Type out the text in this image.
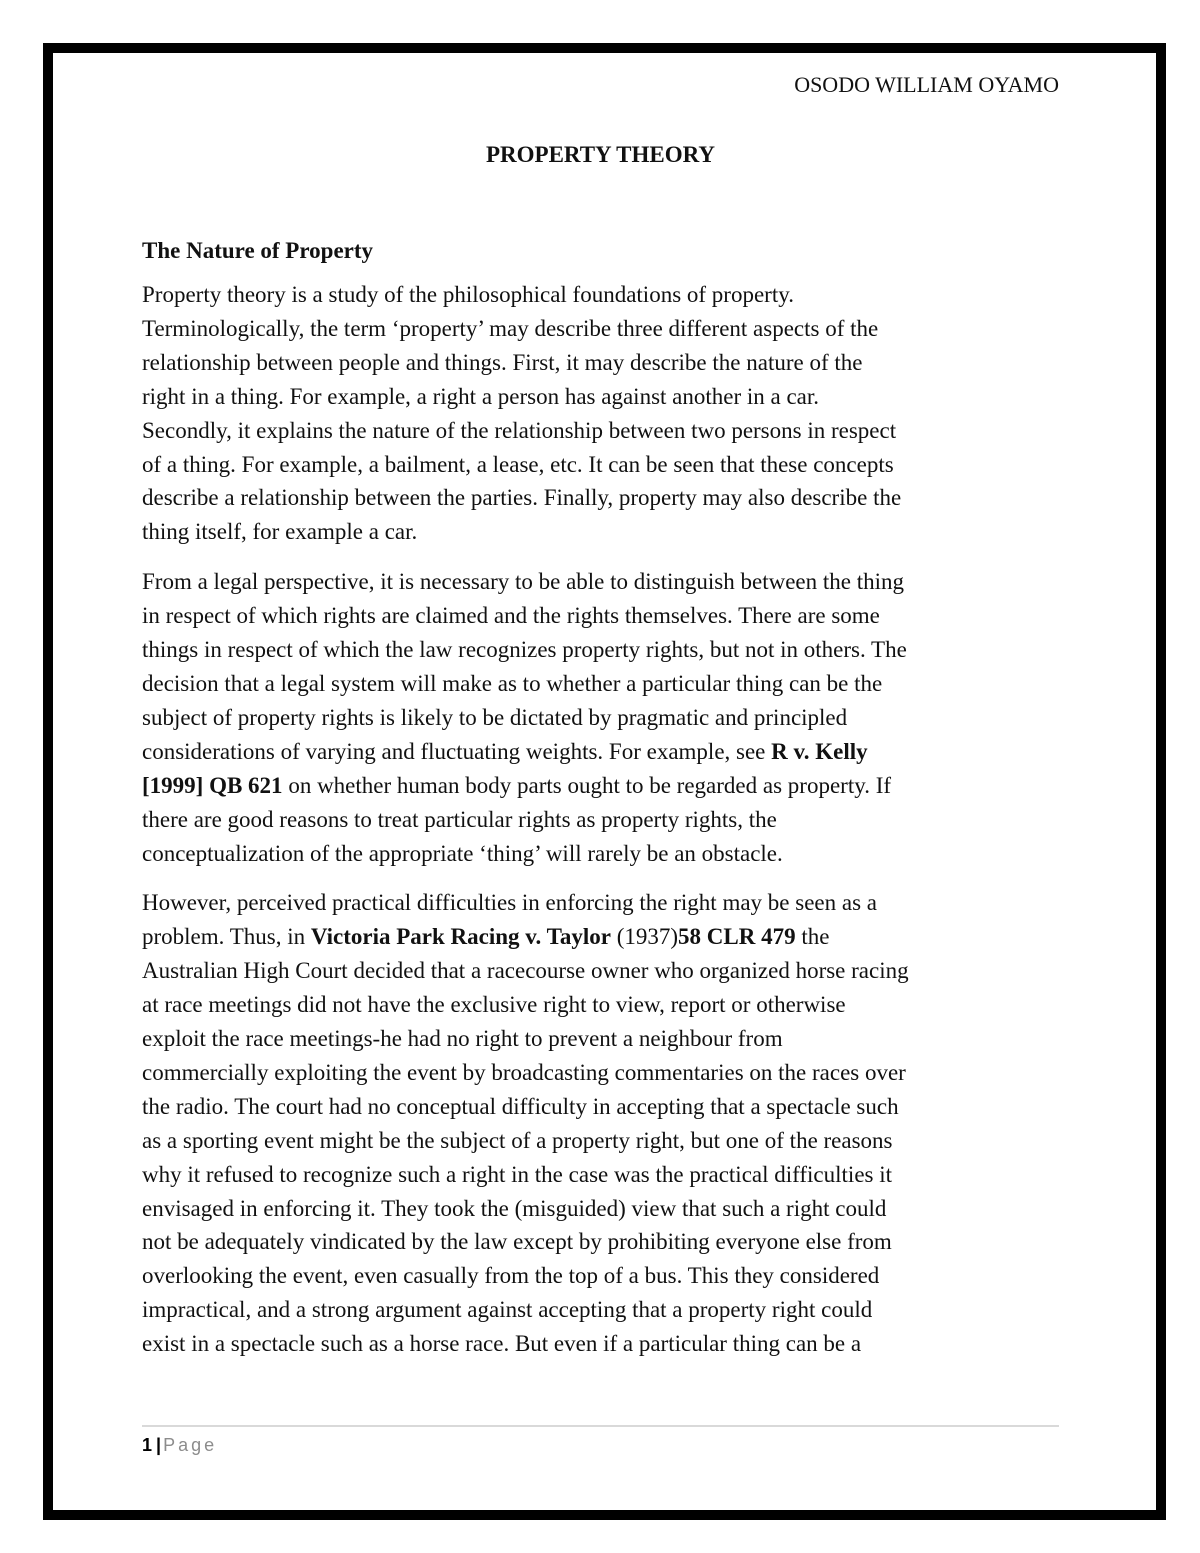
OSODO WILLIAM OYAMO

PROPERTY THEORY
The Nature of Property

Property theory is a study of the philosophical foundations of property.
Terminologically, the term ‘property’ may describe three different aspects of the
relationship between people and things. First, it may describe the nature of the
right in a thing. For example, a right a person has against another in a car.
Secondly, it explains the nature of the relationship between two persons in respect
of a thing. For example, a bailment, a lease, etc. It can be seen that these concepts
describe a relationship between the parties. Finally, property may also describe the
thing itself, for example a car.

From a legal perspective, it is necessary to be able to distinguish between the thing
in respect of which rights are claimed and the rights themselves. There are some
things in respect of which the law recognizes property rights, but not in others. The
decision that a legal system will make as to whether a particular thing can be the
subject of property rights is likely to be dictated by pragmatic and principled
considerations of varying and fluctuating weights. For example, see R v. Kelly
[1999] QB 621 on whether human body parts ought to be regarded as property. If
there are good reasons to treat particular rights as property rights, the
conceptualization of the appropriate ‘thing’ will rarely be an obstacle.

However, perceived practical difficulties in enforcing the right may be seen as a
problem. Thus, in Victoria Park Racing v. Taylor (1937)58 CLR 479 the
Australian High Court decided that a racecourse owner who organized horse racing
at race meetings did not have the exclusive right to view, report or otherwise
exploit the race meetings-he had no right to prevent a neighbour from
commercially exploiting the event by broadcasting commentaries on the races over
the radio. The court had no conceptual difficulty in accepting that a spectacle such
as a sporting event might be the subject of a property right, but one of the reasons
why it refused to recognize such a right in the case was the practical difficulties it
envisaged in enforcing it. They took the (misguided) view that such a right could
not be adequately vindicated by the law except by prohibiting everyone else from
overlooking the event, even casually from the top of a bus. This they considered
impractical, and a strong argument against accepting that a property right could
exist in a spectacle such as a horse race. But even if a particular thing can be a

1 | Page
